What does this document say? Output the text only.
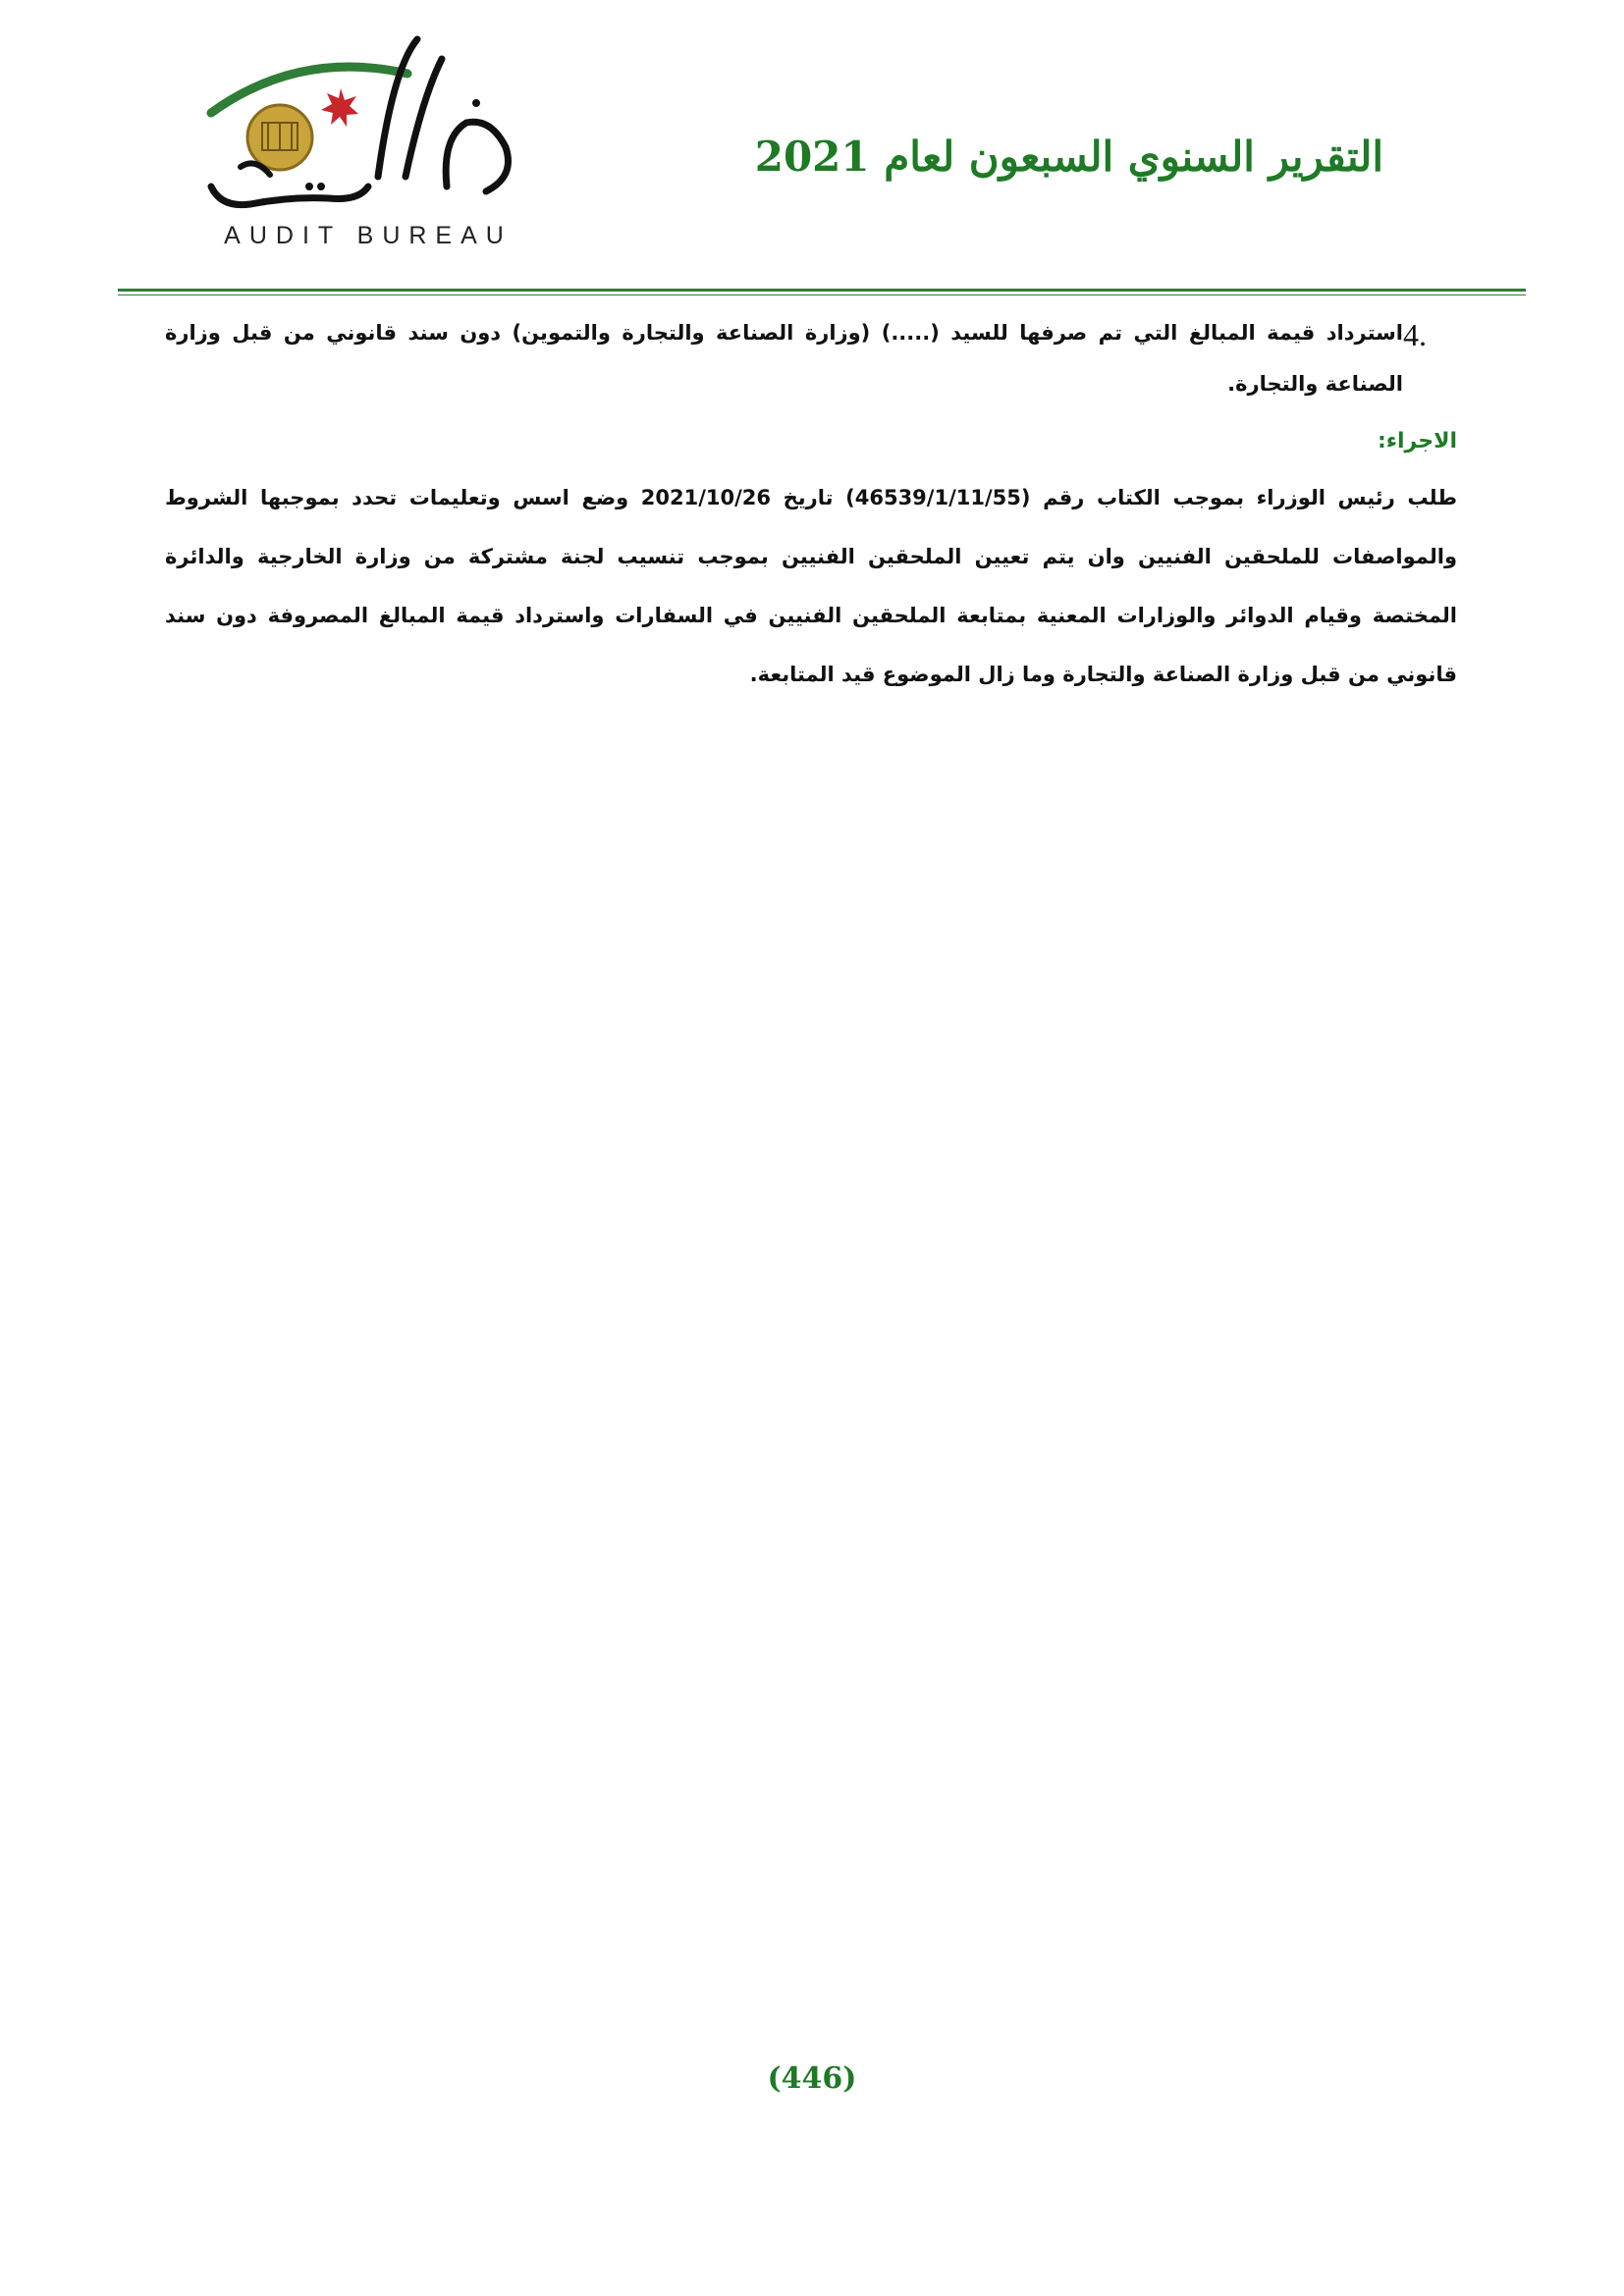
AUDIT BUREAU
التقرير السنوي السبعون لعام 2021
4.
استرداد قيمة المبالغ التي تم صرفها للسيد (.....) (وزارة الصناعة والتجارة والتموين) دون سند قانوني من قبل وزارة الصناعة والتجارة.
الاجراء:
طلب رئيس الوزراء بموجب الكتاب رقم (46539/1/11/55) تاريخ 2021/10/26 وضع اسس وتعليمات تحدد بموجبها الشروط والمواصفات للملحقين الفنيين وان يتم تعيين الملحقين الفنيين بموجب تنسيب لجنة مشتركة من وزارة الخارجية والدائرة المختصة وقيام الدوائر والوزارات المعنية بمتابعة الملحقين الفنيين في السفارات واسترداد قيمة المبالغ المصروفة دون سند قانوني من قبل وزارة الصناعة والتجارة وما زال الموضوع قيد المتابعة.
(446)
